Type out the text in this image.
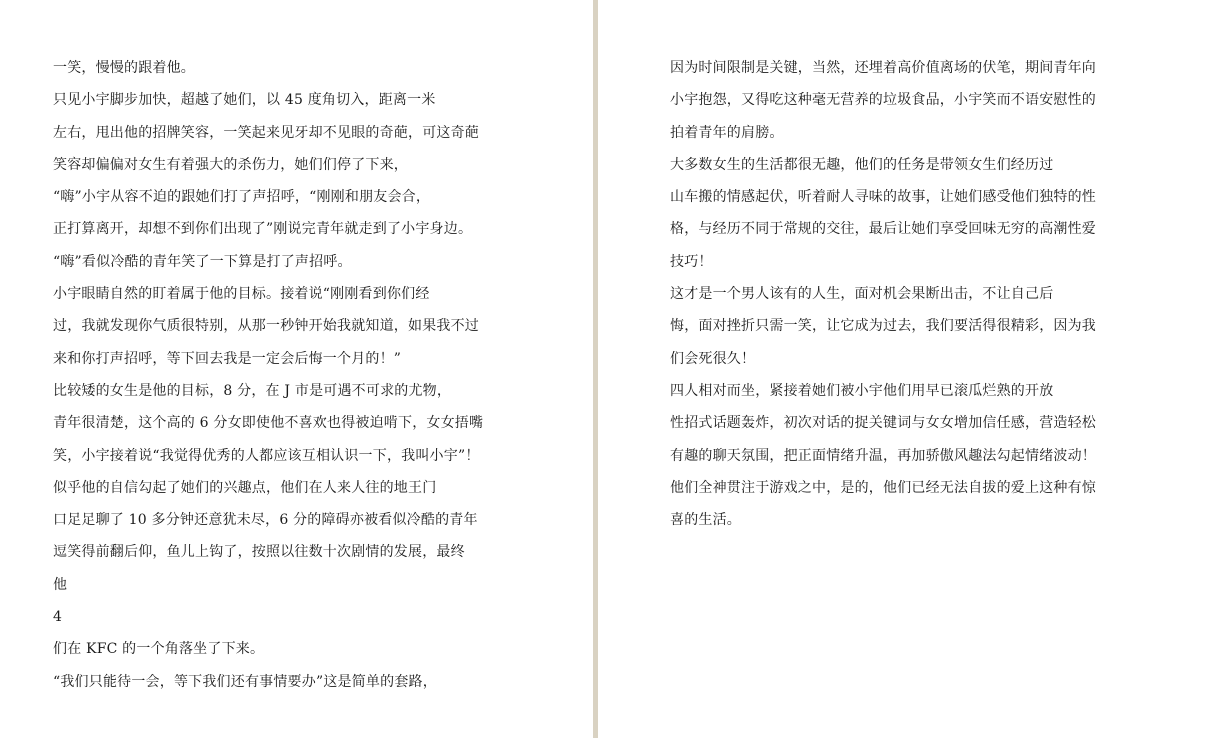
一笑，慢慢的跟着他。
只见小宇脚步加快，超越了她们，以 45 度角切入，距离一米
左右，甩出他的招牌笑容，一笑起来见牙却不见眼的奇葩，可这奇葩
笑容却偏偏对女生有着强大的杀伤力，她们们停了下来，
“嗨”小宇从容不迫的跟她们打了声招呼，“刚刚和朋友会合，
正打算离开，却想不到你们出现了”刚说完青年就走到了小宇身边。
“嗨”看似冷酷的青年笑了一下算是打了声招呼。
小宇眼睛自然的盯着属于他的目标。接着说“刚刚看到你们经
过，我就发现你气质很特别，从那一秒钟开始我就知道，如果我不过
来和你打声招呼，等下回去我是一定会后悔一个月的！”
比较矮的女生是他的目标，8 分，在 J 市是可遇不可求的尤物，
青年很清楚，这个高的 6 分女即使他不喜欢也得被迫啃下，女女捂嘴
笑，小宇接着说“我觉得优秀的人都应该互相认识一下，我叫小宇”！
似乎他的自信勾起了她们的兴趣点，他们在人来人往的地王门
口足足聊了 10 多分钟还意犹未尽，6 分的障碍亦被看似冷酷的青年
逗笑得前翻后仰，鱼儿上钩了，按照以往数十次剧情的发展，最终
他
4
们在 KFC 的一个角落坐了下来。
“我们只能待一会，等下我们还有事情要办”这是简单的套路，
因为时间限制是关键，当然，还埋着高价值离场的伏笔，期间青年向
小宇抱怨，又得吃这种毫无营养的垃圾食品，小宇笑而不语安慰性的
拍着青年的肩膀。
大多数女生的生活都很无趣，他们的任务是带领女生们经历过
山车搬的情感起伏，听着耐人寻味的故事，让她们感受他们独特的性
格，与经历不同于常规的交往，最后让她们享受回味无穷的高潮性爱
技巧！
这才是一个男人该有的人生，面对机会果断出击，不让自己后
悔，面对挫折只需一笑，让它成为过去，我们要活得很精彩，因为我
们会死很久！
四人相对而坐，紧接着她们被小宇他们用早已滚瓜烂熟的开放
性招式话题轰炸，初次对话的捉关键词与女女增加信任感，营造轻松
有趣的聊天氛围，把正面情绪升温，再加骄傲风趣法勾起情绪波动！
他们全神贯注于游戏之中，是的，他们已经无法自拔的爱上这种有惊
喜的生活。
